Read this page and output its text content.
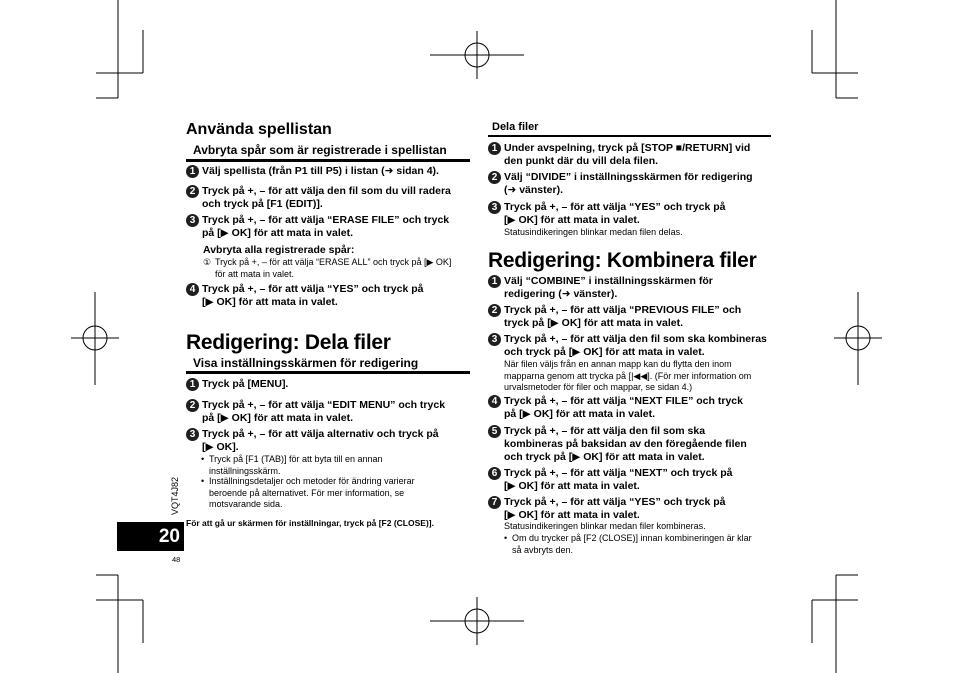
Använda spellistan
Avbryta spår som är registrerade i spellistan
1 Välj spellista (från P1 till P5) i listan (➜ sidan 4).
2 Tryck på +, – för att välja den fil som du vill radera
och tryck på [F1 (EDIT)].
3 Tryck på +, – för att välja “ERASE FILE” och tryck
på [▶ OK] för att mata in valet.
Avbryta alla registrerade spår:
① Tryck på +, – för att välja “ERASE ALL” och tryck på [▶ OK]
för att mata in valet.
4 Tryck på +, – för att välja “YES” och tryck på
[▶ OK] för att mata in valet.
Redigering: Dela filer
Visa inställningsskärmen för redigering
1 Tryck på [MENU].
2 Tryck på +, – för att välja “EDIT MENU” och tryck
på [▶ OK] för att mata in valet.
3 Tryck på +, – för att välja alternativ och tryck på
[▶ OK].
• Tryck på [F1 (TAB)] för att byta till en annan
inställningsskärm.
• Inställningsdetaljer och metoder för ändring varierar
beroende på alternativet. För mer information, se
motsvarande sida.
För att gå ur skärmen för inställningar, tryck på [F2 (CLOSE)].
VQT4J82
20
48
Dela filer
1 Under avspelning, tryck på [STOP ■/RETURN] vid
den punkt där du vill dela filen.
2 Välj “DIVIDE” i inställningsskärmen för redigering
(➜ vänster).
3 Tryck på +, – för att välja “YES” och tryck på
[▶ OK] för att mata in valet.
Statusindikeringen blinkar medan filen delas.
Redigering: Kombinera filer
1 Välj “COMBINE” i inställningsskärmen för
redigering (➜ vänster).
2 Tryck på +, – för att välja “PREVIOUS FILE” och
tryck på [▶ OK] för att mata in valet.
3 Tryck på +, – för att välja den fil som ska kombineras
och tryck på [▶ OK] för att mata in valet.
När filen väljs från en annan mapp kan du flytta den inom
mapparna genom att trycka på [|◀◀]. (För mer information om
urvalsmetoder för filer och mappar, se sidan 4.)
4 Tryck på +, – för att välja “NEXT FILE” och tryck
på [▶ OK] för att mata in valet.
5 Tryck på +, – för att välja den fil som ska
kombineras på baksidan av den föregående filen
och tryck på [▶ OK] för att mata in valet.
6 Tryck på +, – för att välja “NEXT” och tryck på
[▶ OK] för att mata in valet.
7 Tryck på +, – för att välja “YES” och tryck på
[▶ OK] för att mata in valet.
Statusindikeringen blinkar medan filer kombineras.
• Om du trycker på [F2 (CLOSE)] innan kombineringen är klar
så avbryts den.
